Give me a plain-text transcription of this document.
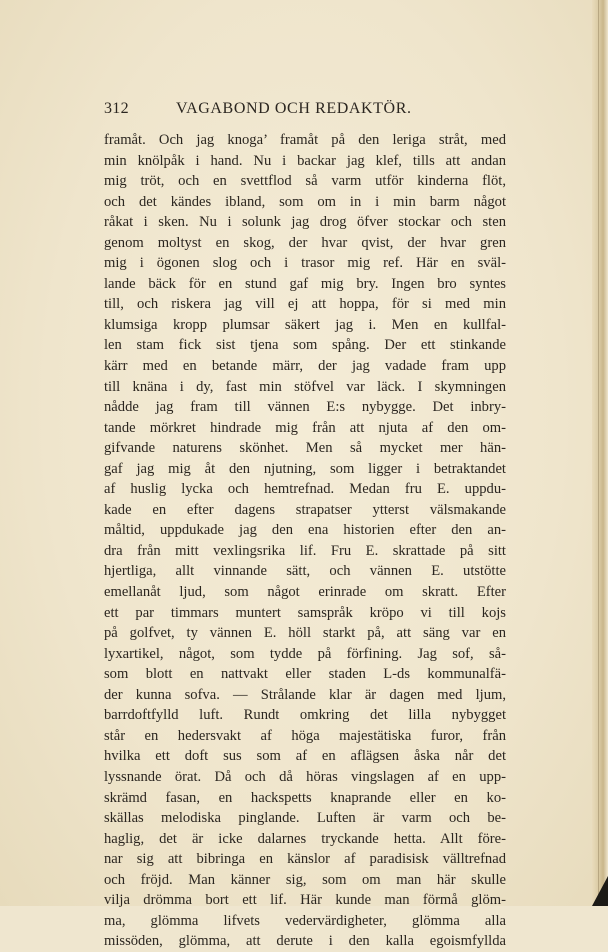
312	VAGABOND OCH REDAKTÖR.
framåt. Och jag knoga’ framåt på den leriga stråt, med
min knölpåk i hand. Nu i backar jag klef, tills att andan
mig tröt, och en svettflod så varm utför kinderna flöt,
och det kändes ibland, som om in i min barm något
råkat i sken. Nu i solunk jag drog öfver stockar och sten
genom moltyst en skog, der hvar qvist, der hvar gren
mig i ögonen slog och i trasor mig ref. Här en sväl-
lande bäck för en stund gaf mig bry. Ingen bro syntes
till, och riskera jag vill ej att hoppa, för si med min
klumsiga kropp plumsar säkert jag i. Men en kullfal-
len stam fick sist tjena som spång. Der ett stinkande
kärr med en betande märr, der jag vadade fram upp
till knäna i dy, fast min stöfvel var läck. I skymningen
nådde jag fram till vännen E:s nybygge. Det inbry-
tande mörkret hindrade mig från att njuta af den om-
gifvande naturens skönhet. Men så mycket mer hän-
gaf jag mig åt den njutning, som ligger i betraktandet
af huslig lycka och hemtrefnad. Medan fru E. uppdu-
kade en efter dagens strapatser ytterst välsmakande
måltid, uppdukade jag den ena historien efter den an-
dra från mitt vexlingsrika lif. Fru E. skrattade på sitt
hjertliga, allt vinnande sätt, och vännen E. utstötte
emellanåt ljud, som något erinrade om skratt. Efter
ett par timmars muntert samspråk kröpo vi till kojs
på golfvet, ty vännen E. höll starkt på, att säng var en
lyxartikel, något, som tydde på förfining. Jag sof, så-
som blott en nattvakt eller staden L-ds kommunalfä-
der kunna sofva. — Strålande klar är dagen med ljum,
barrdoftfylld luft. Rundt omkring det lilla nybygget
står en hedersvakt af höga majestätiska furor, från
hvilka ett doft sus som af en aflägsen åska når det
lyssnande örat. Då och då höras vingslagen af en upp-
skrämd fasan, en hackspetts knaprande eller en ko-
skällas melodiska pinglande. Luften är varm och be-
haglig, det är icke dalarnes tryckande hetta. Allt före-
nar sig att bibringa en känslor af paradisisk välltrefnad
och fröjd. Man känner sig, som om man här skulle
vilja drömma bort ett lif. Här kunde man förmå glöm-
ma, glömma lifvets vedervärdigheter, glömma alla
missöden, glömma, att derute i den kalla egoismfyllda
